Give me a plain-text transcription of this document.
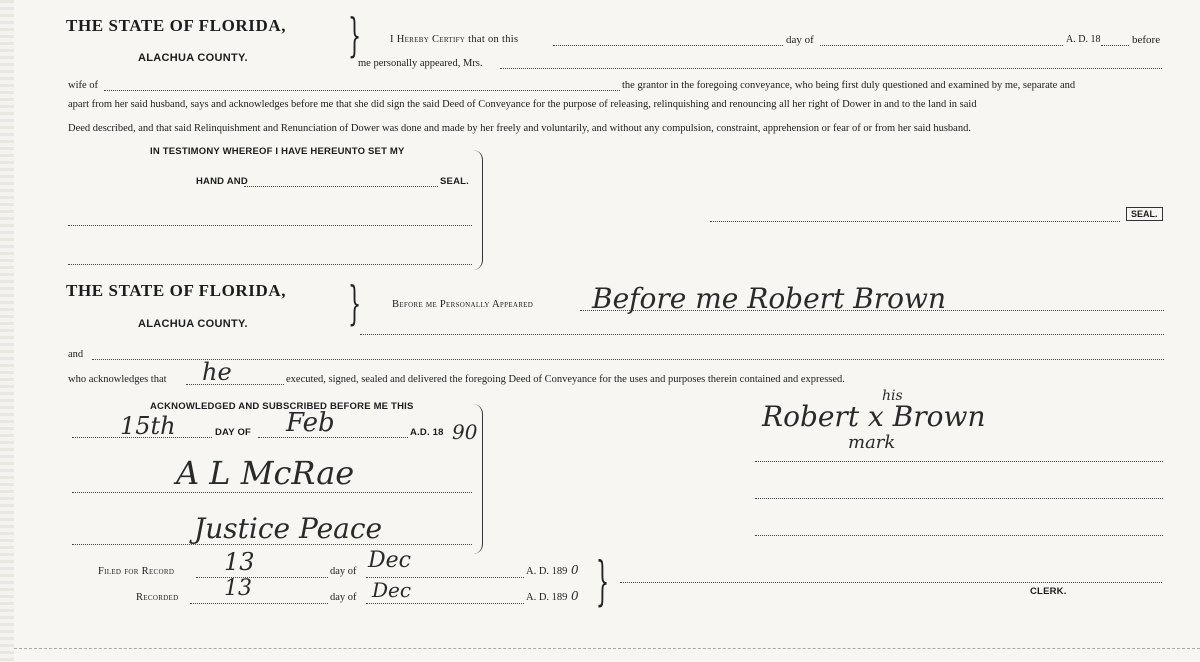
THE STATE OF FLORIDA,
ALACHUA COUNTY. }	I Hereby Certify that on this	day of	A. D. 18	before
me personally appeared, Mrs.
wife of	the grantor in the foregoing conveyance, who being first duly questioned and examined by me, separate and
apart from her said husband, says and acknowledges before me that she did sign the said Deed of Conveyance for the purpose of releasing, relinquishing and renouncing all her right of Dower in and to the land in said
Deed described, and that said Relinquishment and Renunciation of Dower was done and made by her freely and voluntarily, and without any compulsion, constraint, apprehension or fear of or from her said husband.
IN TESTIMONY WHEREOF I HAVE HEREUNTO SET MY
HAND AND	SEAL.
SEAL.
THE STATE OF FLORIDA,
ALACHUA COUNTY. }	Before me Personally Appeared Before me Robert Brown
and
who acknowledges that he	executed, signed, sealed and delivered the foregoing Deed of Conveyance for the uses and purposes therein contained and expressed.
ACKNOWLEDGED AND SUBSCRIBED BEFORE ME THIS
15th	DAY OF Feb	A.D. 18 90
A L McRae
Justice Peace
Robert x Brown
his
mark
Filed for Record 13	day of Dec	A. D. 189 0
Recorded 13	day of Dec	A. D. 189 0 }	CLERK.
